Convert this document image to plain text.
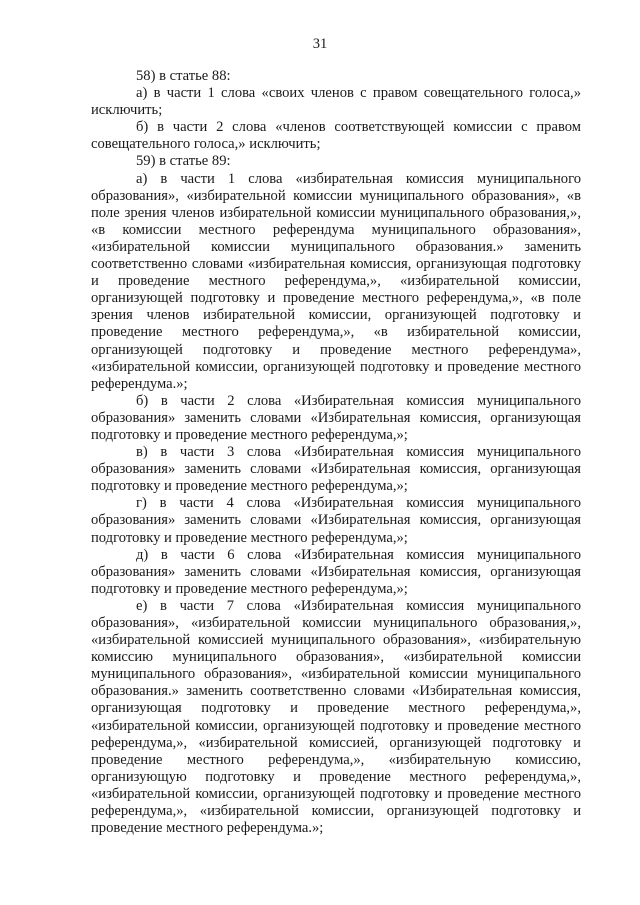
31

58) в статье 88:

а) в части 1 слова «своих членов с правом совещательного голоса,» исключить;

б) в части 2 слова «членов соответствующей комиссии с правом совещательного голоса,» исключить;

59) в статье 89:

а) в части 1 слова «избирательная комиссия муниципального образования», «избирательной комиссии муниципального образования», «в поле зрения членов избирательной комиссии муниципального образования,», «в комиссии местного референдума муниципального образования», «избирательной комиссии муниципального образования.» заменить соответственно словами «избирательная комиссия, организующая подготовку и проведение местного референдума,», «избирательной комиссии, организующей подготовку и проведение местного референдума,», «в поле зрения членов избирательной комиссии, организующей подготовку и проведение местного референдума,», «в избирательной комиссии, организующей подготовку и проведение местного референдума», «избирательной комиссии, организующей подготовку и проведение местного референдума.»;

б) в части 2 слова «Избирательная комиссия муниципального образования» заменить словами «Избирательная комиссия, организующая подготовку и проведение местного референдума,»;

в) в части 3 слова «Избирательная комиссия муниципального образования» заменить словами «Избирательная комиссия, организующая подготовку и проведение местного референдума,»;

г) в части 4 слова «Избирательная комиссия муниципального образования» заменить словами «Избирательная комиссия, организующая подготовку и проведение местного референдума,»;

д) в части 6 слова «Избирательная комиссия муниципального образования» заменить словами «Избирательная комиссия, организующая подготовку и проведение местного референдума,»;

е) в части 7 слова «Избирательная комиссия муниципального образования», «избирательной комиссии муниципального образования,», «избирательной комиссией муниципального образования», «избирательную комиссию муниципального образования», «избирательной комиссии муниципального образования», «избирательной комиссии муниципального образования.» заменить соответственно словами «Избирательная комиссия, организующая подготовку и проведение местного референдума,», «избирательной комиссии, организующей подготовку и проведение местного референдума,», «избирательной комиссией, организующей подготовку и проведение местного референдума,», «избирательную комиссию, организующую подготовку и проведение местного референдума,», «избирательной комиссии, организующей подготовку и проведение местного референдума,», «избирательной комиссии, организующей подготовку и проведение местного референдума.»;
